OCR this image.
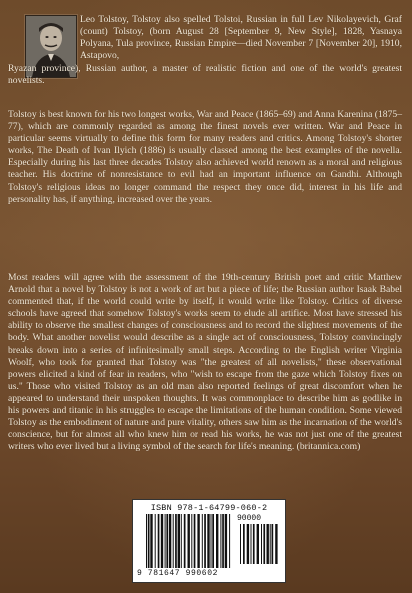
Leo Tolstoy, Tolstoy also spelled Tolstoi, Russian in full Lev Nikolayevich, Graf (count) Tolstoy, (born August 28 [September 9, New Style], 1828, Yasnaya Polyana, Tula province, Russian Empire—died November 7 [November 20], 1910, Astapovo,
Ryazan province), Russian author, a master of realistic fiction and one of the world's greatest novelists.
Tolstoy is best known for his two longest works, War and Peace (1865–69) and Anna Karenina (1875–77), which are commonly regarded as among the finest novels ever written. War and Peace in particular seems virtually to define this form for many readers and critics. Among Tolstoy's shorter works, The Death of Ivan Ilyich (1886) is usually classed among the best examples of the novella. Especially during his last three decades Tolstoy also achieved world renown as a moral and religious teacher. His doctrine of nonresistance to evil had an important influence on Gandhi. Although Tolstoy's religious ideas no longer command the respect they once did, interest in his life and personality has, if anything, increased over the years.
Most readers will agree with the assessment of the 19th-century British poet and critic Matthew Arnold that a novel by Tolstoy is not a work of art but a piece of life; the Russian author Isaak Babel commented that, if the world could write by itself, it would write like Tolstoy. Critics of diverse schools have agreed that somehow Tolstoy's works seem to elude all artifice. Most have stressed his ability to observe the smallest changes of consciousness and to record the slightest movements of the body. What another novelist would describe as a single act of consciousness, Tolstoy convincingly breaks down into a series of infinitesimally small steps. According to the English writer Virginia Woolf, who took for granted that Tolstoy was "the greatest of all novelists," these observational powers elicited a kind of fear in readers, who "wish to escape from the gaze which Tolstoy fixes on us." Those who visited Tolstoy as an old man also reported feelings of great discomfort when he appeared to understand their unspoken thoughts. It was commonplace to describe him as godlike in his powers and titanic in his struggles to escape the limitations of the human condition. Some viewed Tolstoy as the embodiment of nature and pure vitality, others saw him as the incarnation of the world's conscience, but for almost all who knew him or read his works, he was not just one of the greatest writers who ever lived but a living symbol of the search for life's meaning. (britannica.com)
ISBN 978-1-64799-060-2
90000
9 781647 990602
